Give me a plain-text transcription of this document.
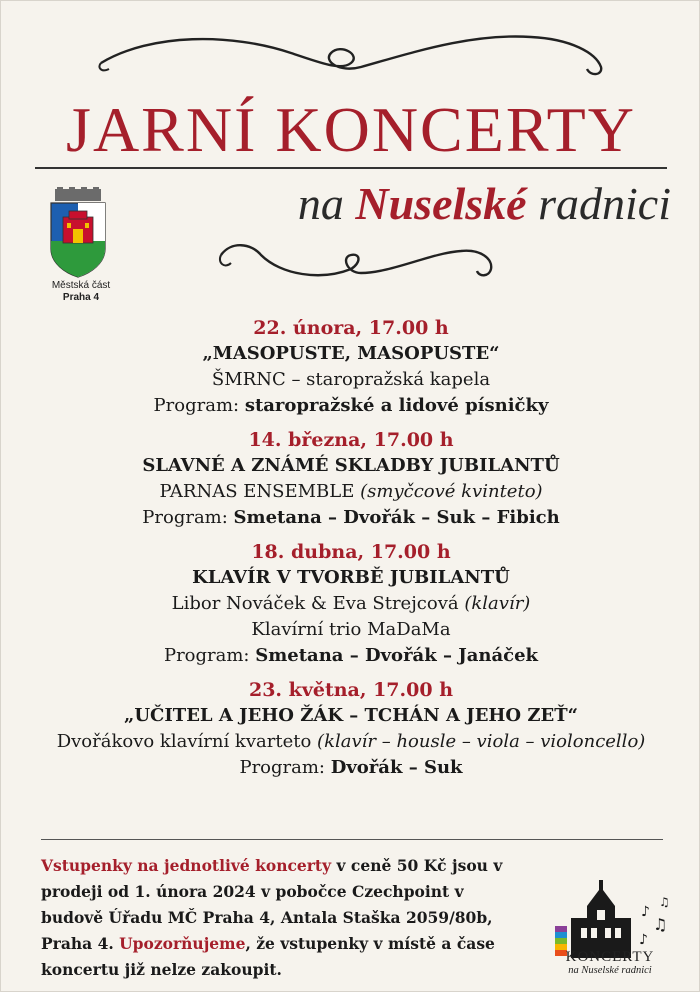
JARNÍ KONCERTY
na Nuselské radnici
Městská část
Praha 4
22. února, 17.00 h
„MASOPUSTE, MASOPUSTE“
ŠMRNC – staropražská kapela
Program: staropražské a lidové písničky
14. března, 17.00 h
SLAVNÉ A ZNÁMÉ SKLADBY JUBILANTŮ
PARNAS ENSEMBLE (smyčcové kvinteto)
Program: Smetana – Dvořák – Suk – Fibich
18. dubna, 17.00 h
KLAVÍR V TVORBĚ JUBILANTŮ
Libor Nováček & Eva Strejcová (klavír)
Klavírní trio MaDaMa
Program: Smetana – Dvořák – Janáček
23. května, 17.00 h
„UČITEL A JEHO ŽÁK – TCHÁN A JEHO ZEŤ“
Dvořákovo klavírní kvarteto (klavír – housle – viola – violoncello)
Program: Dvořák – Suk
Vstupenky na jednotlivé koncerty v ceně 50 Kč jsou v prodeji od 1. února 2024 v pobočce Czechpoint v budově Úřadu MČ Praha 4, Antala Staška 2059/80b, Praha 4. Upozorňujeme, že vstupenky v místě a čase koncertu již nelze zakoupit.
♪
♫
♪
♫
KONCERTY
na Nuselské radnici
